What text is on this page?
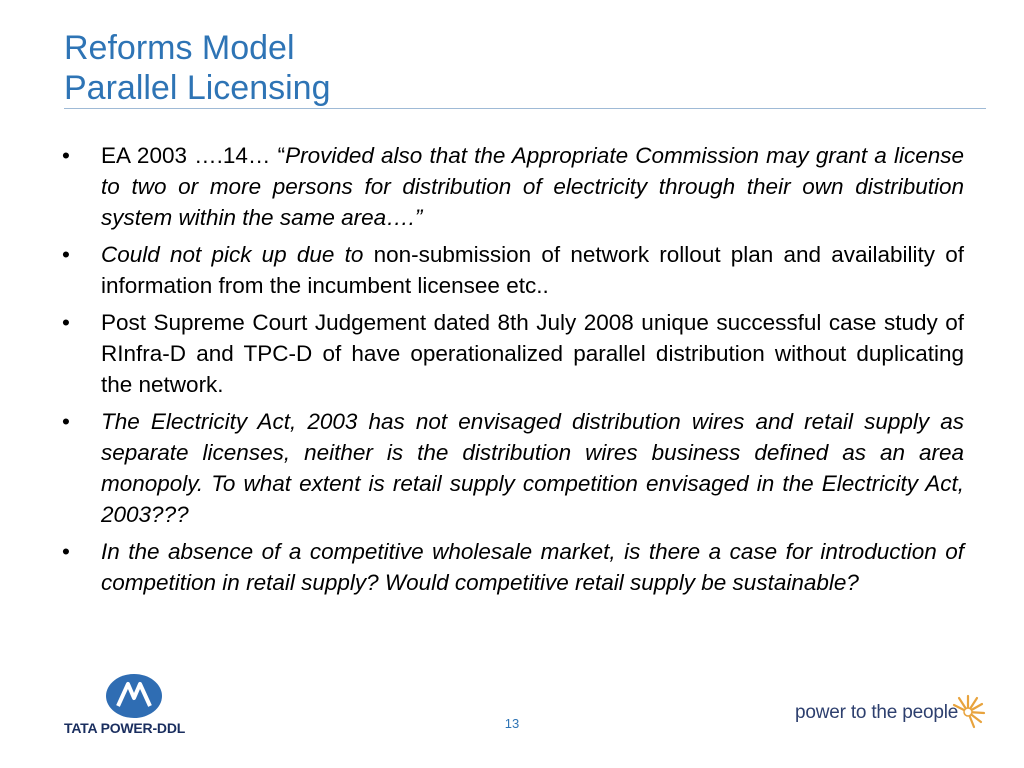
Reforms Model
Parallel Licensing
• EA 2003 ….14… “Provided also that the Appropriate Commission may grant a license to two or more persons for distribution of electricity through their own distribution system within the same area….”
• Could not pick up due to non-submission of network rollout plan and availability of information from the incumbent licensee etc..
• Post Supreme Court Judgement dated 8th July 2008 unique successful case study of RInfra-D and TPC-D of have operationalized parallel distribution without duplicating the network.
• The Electricity Act, 2003 has not envisaged distribution wires and retail supply as separate licenses, neither is the distribution wires business defined as an area monopoly. To what extent is retail supply competition envisaged in the Electricity Act, 2003???
• In the absence of a competitive wholesale market, is there a case for introduction of competition in retail supply? Would competitive retail supply be sustainable?
TATA POWER-DDL	13
power to the people
